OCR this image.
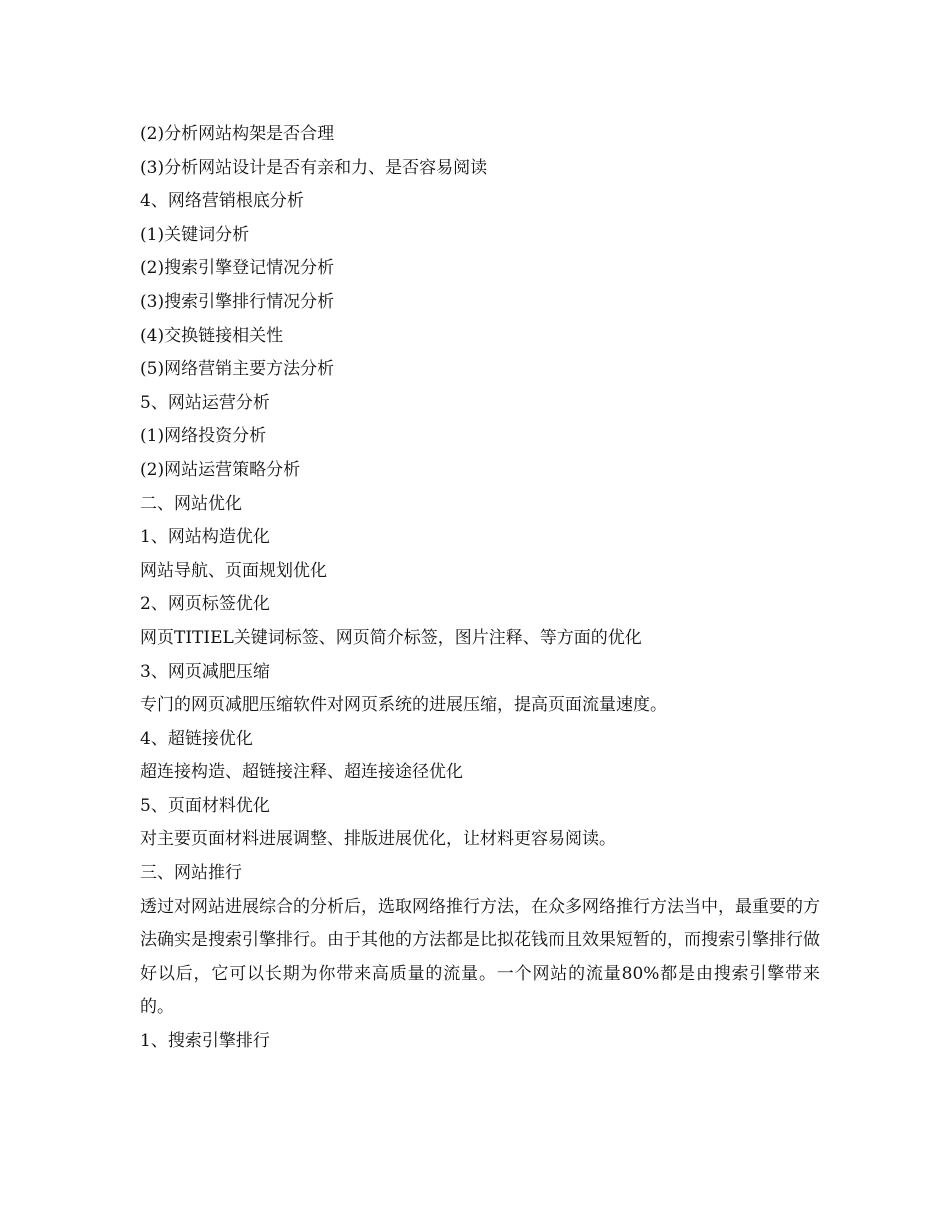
(2)分析网站构架是否合理
(3)分析网站设计是否有亲和力、是否容易阅读
4、网络营销根底分析
(1)关键词分析
(2)搜索引擎登记情况分析
(3)搜索引擎排行情况分析
(4)交换链接相关性
(5)网络营销主要方法分析
5、网站运营分析
(1)网络投资分析
(2)网站运营策略分析
二、网站优化
1、网站构造优化
网站导航、页面规划优化
2、网页标签优化
网页TITIEL关键词标签、网页简介标签，图片注释、等方面的优化
3、网页减肥压缩
专门的网页减肥压缩软件对网页系统的进展压缩，提高页面流量速度。
4、超链接优化
超连接构造、超链接注释、超连接途径优化
5、页面材料优化
对主要页面材料进展调整、排版进展优化，让材料更容易阅读。
三、网站推行

透过对网站进展综合的分析后，选取网络推行方法，在众多网络推行方法当中，最重要的方法确实是搜索引擎排行。由于其他的方法都是比拟花钱而且效果短暂的，而搜索引擎排行做好以后，它可以长期为你带来高质量的流量。一个网站的流量80%都是由搜索引擎带来的。

1、搜索引擎排行
